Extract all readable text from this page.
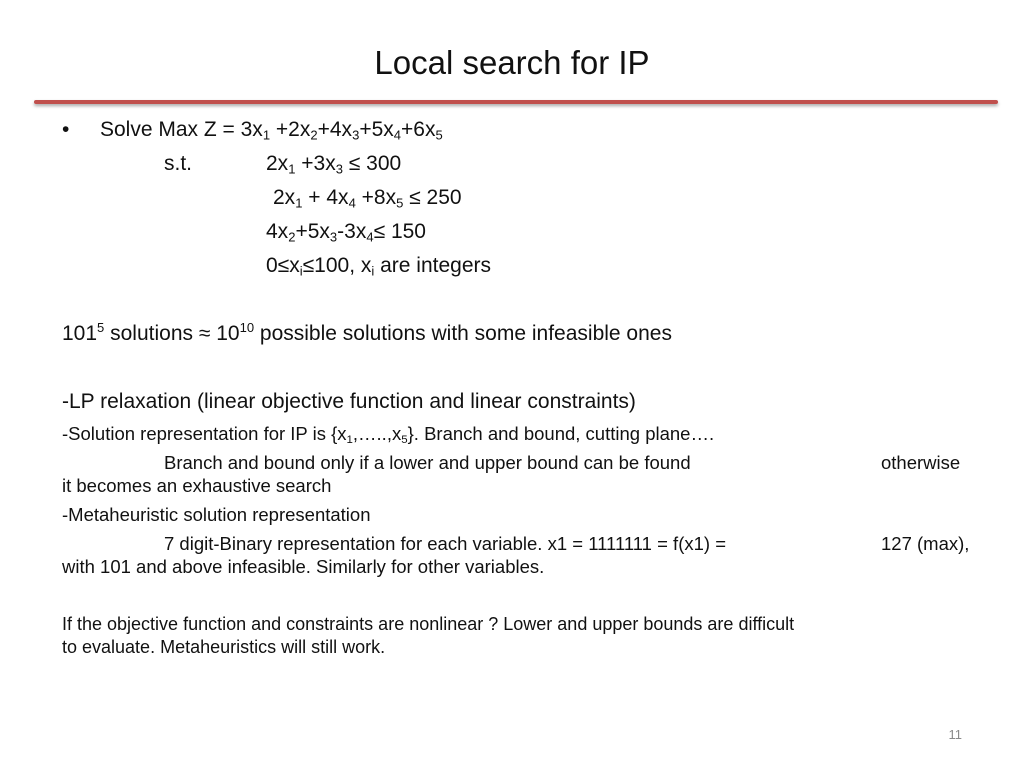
Local search for IP
• Solve Max $Z = 3x_1 +2x_2+4x_3+5x_4+6x_5$
s.t.	$2x_1 +3x_3 \le 300$
$2x_1 + 4x_4 +8x_5 \le 250$
$4x_2+5x_3-3x_4\le 150$
$0\le x_i\le 100$, $x_i$ are integers
$101^5$ solutions ≈ $10^{10}$ possible solutions with some infeasible ones
-LP relaxation (linear objective function and linear constraints)
-Solution representation for IP is $\{x_1,\dots..,x_5\}$. Branch and bound, cutting plane….
Branch and bound only if a lower and upper bound can be found	otherwise
it becomes an exhaustive search
-Metaheuristic solution representation
7 digit-Binary representation for each variable. x1 = 1111111 = f(x1) =	127 (max),
with 101 and above infeasible. Similarly for other variables.
If the objective function and constraints are nonlinear ? Lower and upper bounds are difficult
to evaluate. Metaheuristics will still work.
11
